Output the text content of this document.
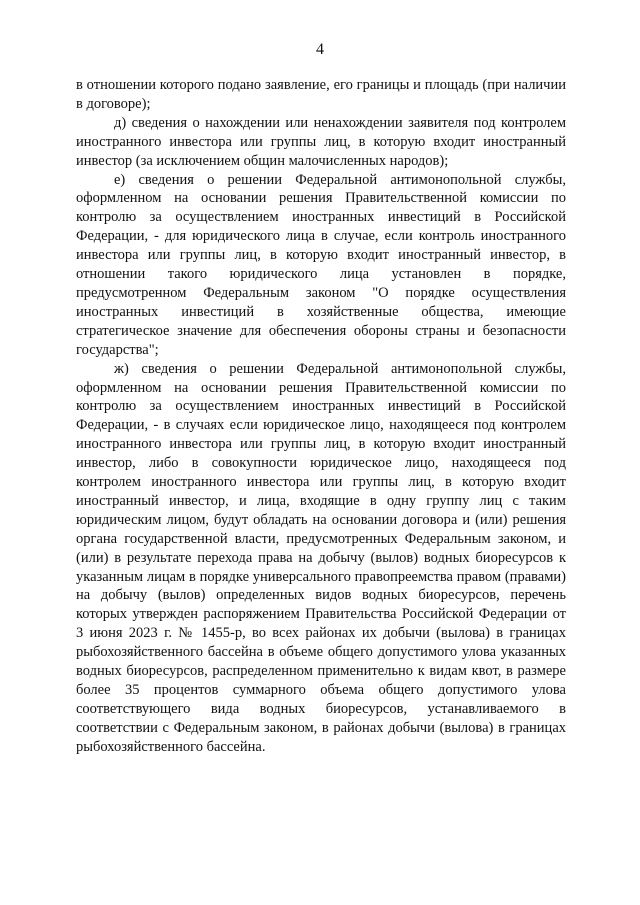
4

в отношении которого подано заявление, его границы и площадь (при наличии в договоре);

д) сведения о нахождении или ненахождении заявителя под контролем иностранного инвестора или группы лиц, в которую входит иностранный инвестор (за исключением общин малочисленных народов);

е) сведения о решении Федеральной антимонопольной службы, оформленном на основании решения Правительственной комиссии по контролю за осуществлением иностранных инвестиций в Российской Федерации, - для юридического лица в случае, если контроль иностранного инвестора или группы лиц, в которую входит иностранный инвестор, в отношении такого юридического лица установлен в порядке, предусмотренном Федеральным законом "О порядке осуществления иностранных инвестиций в хозяйственные общества, имеющие стратегическое значение для обеспечения обороны страны и безопасности государства";

ж) сведения о решении Федеральной антимонопольной службы, оформленном на основании решения Правительственной комиссии по контролю за осуществлением иностранных инвестиций в Российской Федерации, - в случаях если юридическое лицо, находящееся под контролем иностранного инвестора или группы лиц, в которую входит иностранный инвестор, либо в совокупности юридическое лицо, находящееся под контролем иностранного инвестора или группы лиц, в которую входит иностранный инвестор, и лица, входящие в одну группу лиц с таким юридическим лицом, будут обладать на основании договора и (или) решения органа государственной власти, предусмотренных Федеральным законом, и (или) в результате перехода права на добычу (вылов) водных биоресурсов к указанным лицам в порядке универсального правопреемства правом (правами) на добычу (вылов) определенных видов водных биоресурсов, перечень которых утвержден распоряжением Правительства Российской Федерации от 3 июня 2023 г. № 1455-р, во всех районах их добычи (вылова) в границах рыбохозяйственного бассейна в объеме общего допустимого улова указанных водных биоресурсов, распределенном применительно к видам квот, в размере более 35 процентов суммарного объема общего допустимого улова соответствующего вида водных биоресурсов, устанавливаемого в соответствии с Федеральным законом, в районах добычи (вылова) в границах рыбохозяйственного бассейна.
